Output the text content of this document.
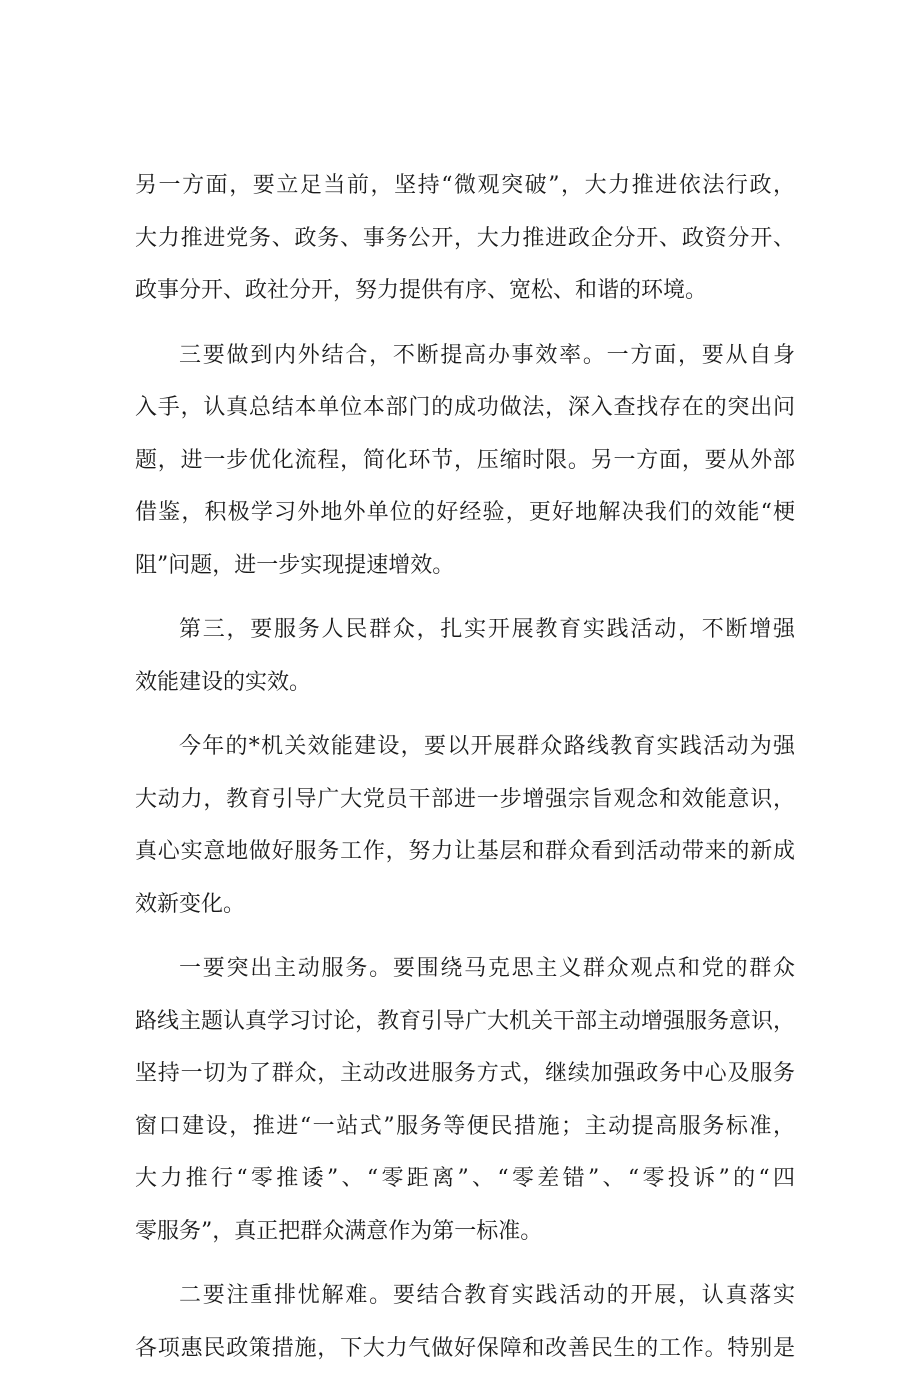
另一方面，要立足当前，坚持“微观突破”，大力推进依法行政，
大力推进党务、政务、事务公开，大力推进政企分开、政资分开、
政事分开、政社分开，努力提供有序、宽松、和谐的环境。
三要做到内外结合，不断提高办事效率。一方面，要从自身
入手，认真总结本单位本部门的成功做法，深入查找存在的突出问
题，进一步优化流程，简化环节，压缩时限。另一方面，要从外部
借鉴，积极学习外地外单位的好经验，更好地解决我们的效能“梗
阻”问题，进一步实现提速增效。
第三，要服务人民群众，扎实开展教育实践活动，不断增强
效能建设的实效。
今年的*机关效能建设，要以开展群众路线教育实践活动为强
大动力，教育引导广大党员干部进一步增强宗旨观念和效能意识，
真心实意地做好服务工作，努力让基层和群众看到活动带来的新成
效新变化。
一要突出主动服务。要围绕马克思主义群众观点和党的群众
路线主题认真学习讨论，教育引导广大机关干部主动增强服务意识，
坚持一切为了群众，主动改进服务方式，继续加强政务中心及服务
窗口建设，推进“一站式”服务等便民措施；主动提高服务标准，
大力推行“零推诿”、“零距离”、“零差错”、“零投诉”的“四
零服务”，真正把群众满意作为第一标准。
二要注重排忧解难。要结合教育实践活动的开展，认真落实
各项惠民政策措施，下大力气做好保障和改善民生的工作。特别是
